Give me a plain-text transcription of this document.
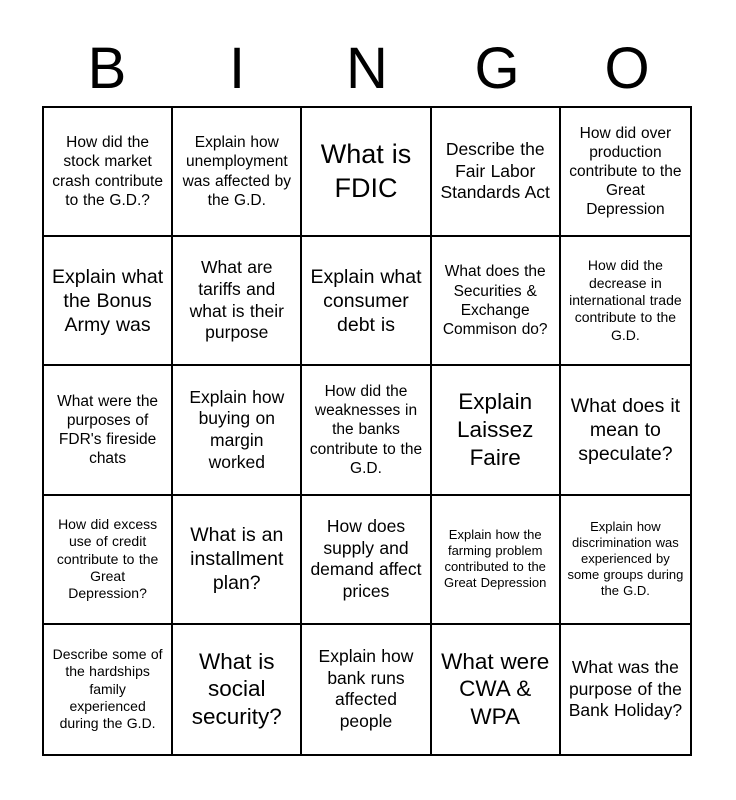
B	I	N	G	O
How did the stock market crash contribute to the G.D.?
Explain how unemployment was affected by the G.D.
What is FDIC
Describe the Fair Labor Standards Act
How did over production contribute to the Great Depression
Explain what the Bonus Army was
What are tariffs and what is their purpose
Explain what consumer debt is
What does the Securities & Exchange Commison do?
How did the decrease in international trade contribute to the G.D.
What were the purposes of FDR's fireside chats
Explain how buying on margin worked
How did the weaknesses in the banks contribute to the G.D.
Explain Laissez Faire
What does it mean to speculate?
How did excess use of credit contribute to the Great Depression?
What is an installment plan?
How does supply and demand affect prices
Explain how the farming problem contributed to the Great Depression
Explain how discrimination was experienced by some groups during the G.D.
Describe some of the hardships family experienced during the G.D.
What is social security?
Explain how bank runs affected people
What were CWA & WPA
What was the purpose of the Bank Holiday?
